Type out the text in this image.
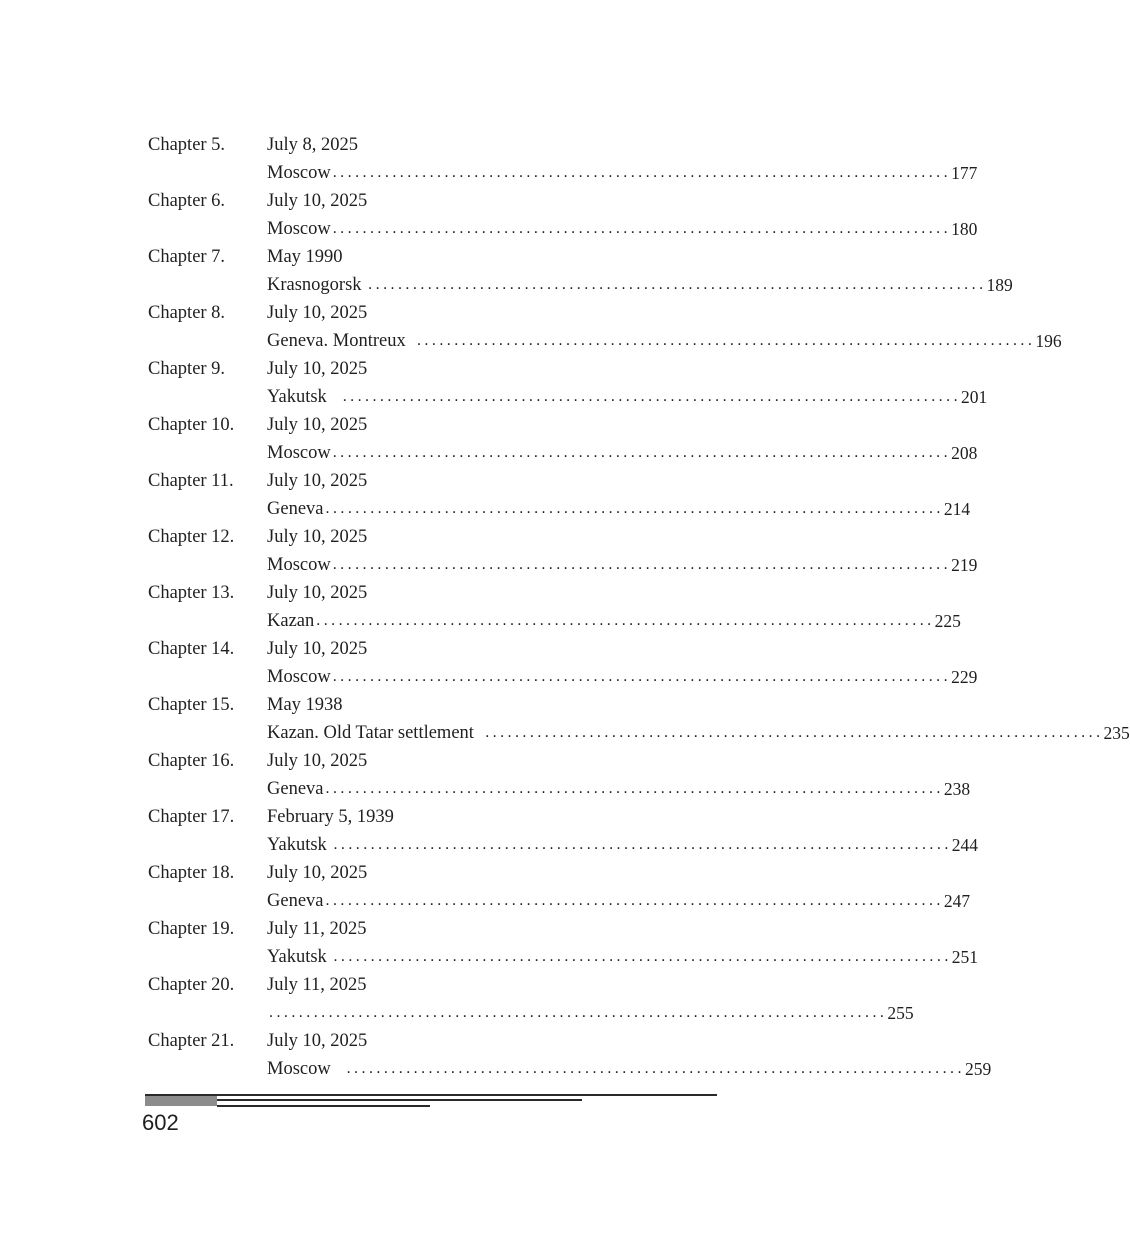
Chapter 5.	July 8, 2025
Moscow ................................................................................... 177
Chapter 6.	July 10, 2025
Moscow ................................................................................... 180
Chapter 7.	May 1990
Krasnogorsk ................................................................................... 189
Chapter 8.	July 10, 2025
Geneva. Montreux ................................................................................... 196
Chapter 9.	July 10, 2025
Yakutsk ................................................................................... 201
Chapter 10.	July 10, 2025
Moscow ................................................................................... 208
Chapter 11.	July 10, 2025
Geneva ................................................................................... 214
Chapter 12.	July 10, 2025
Moscow ................................................................................... 219
Chapter 13.	July 10, 2025
Kazan ................................................................................... 225
Chapter 14.	July 10, 2025
Moscow ................................................................................... 229
Chapter 15.	May 1938
Kazan. Old Tatar settlement ................................................................................... 235
Chapter 16.	July 10, 2025
Geneva ................................................................................... 238
Chapter 17.	February 5, 1939
Yakutsk ................................................................................... 244
Chapter 18.	July 10, 2025
Geneva ................................................................................... 247
Chapter 19.	July 11, 2025
Yakutsk ................................................................................... 251
Chapter 20.	July 11, 2025
................................................................................... 255
Chapter 21.	July 10, 2025
Moscow ................................................................................... 259
602
